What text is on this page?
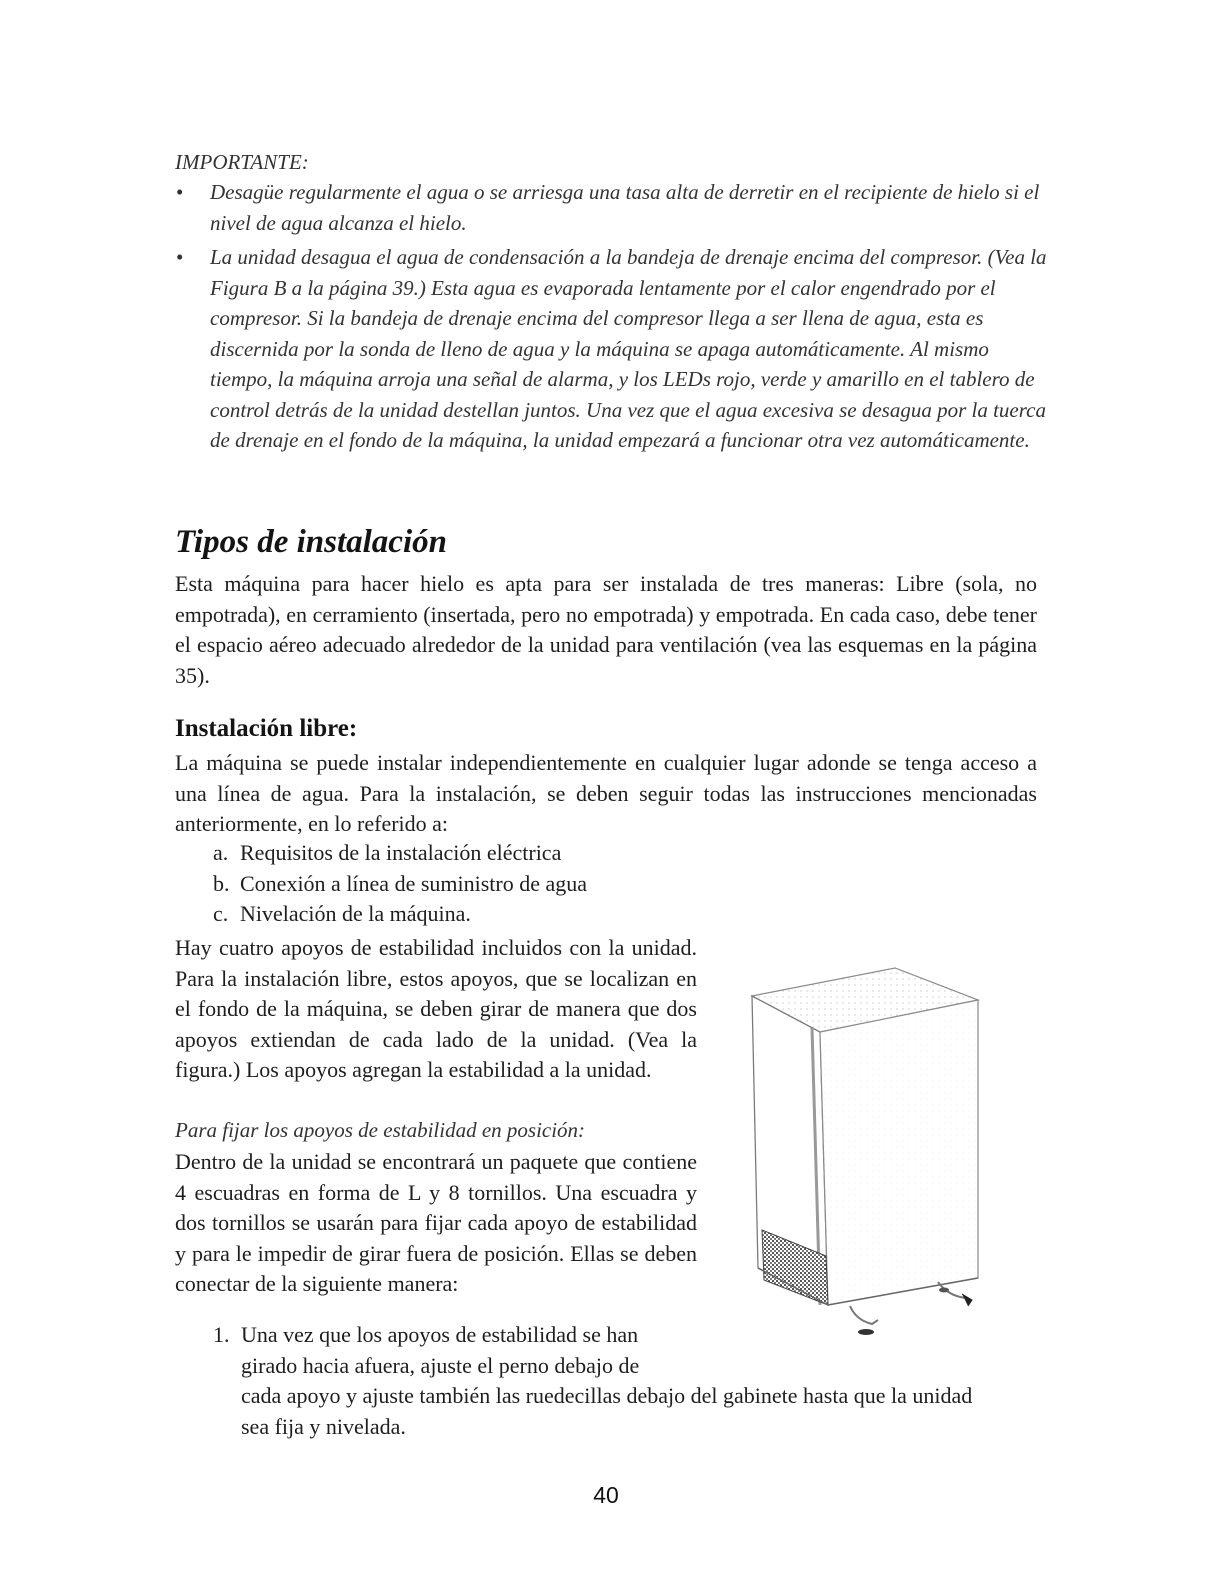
IMPORTANTE:
• Desagüe regularmente el agua o se arriesga una tasa alta de derretir en el recipiente de hielo si el nivel de agua alcanza el hielo.
• La unidad desagua el agua de condensación a la bandeja de drenaje encima del compresor. (Vea la Figura B a la página 39.) Esta agua es evaporada lentamente por el calor engendrado por el compresor. Si la bandeja de drenaje encima del compresor llega a ser llena de agua, esta es discernida por la sonda de lleno de agua y la máquina se apaga automáticamente. Al mismo tiempo, la máquina arroja una señal de alarma, y los LEDs rojo, verde y amarillo en el tablero de control detrás de la unidad destellan juntos. Una vez que el agua excesiva se desagua por la tuerca de drenaje en el fondo de la máquina, la unidad empezará a funcionar otra vez automáticamente.
Tipos de instalación

Esta máquina para hacer hielo es apta para ser instalada de tres maneras: Libre (sola, no empotrada), en cerramiento (insertada, pero no empotrada) y empotrada. En cada caso, debe tener el espacio aéreo adecuado alrededor de la unidad para ventilación (vea las esquemas en la página 35).

Instalación libre:

La máquina se puede instalar independientemente en cualquier lugar adonde se tenga acceso a una línea de agua. Para la instalación, se deben seguir todas las instrucciones mencionadas anteriormente, en lo referido a:

a. Requisitos de la instalación eléctrica
b. Conexión a línea de suministro de agua
c. Nivelación de la máquina.

Hay cuatro apoyos de estabilidad incluidos con la unidad. Para la instalación libre, estos apoyos, que se localizan en el fondo de la máquina, se deben girar de manera que dos apoyos extiendan de cada lado de la unidad. (Vea la figura.) Los apoyos agregan la estabilidad a la unidad.

Para fijar los apoyos de estabilidad en posición:

Dentro de la unidad se encontrará un paquete que contiene 4 escuadras en forma de L y 8 tornillos. Una escuadra y dos tornillos se usarán para fijar cada apoyo de estabilidad y para le impedir de girar fuera de posición. Ellas se deben conectar de la siguiente manera:

1. Una vez que los apoyos de estabilidad se han
girado hacia afuera, ajuste el perno debajo de
cada apoyo y ajuste también las ruedecillas debajo del gabinete hasta que la unidad
sea fija y nivelada.
40
